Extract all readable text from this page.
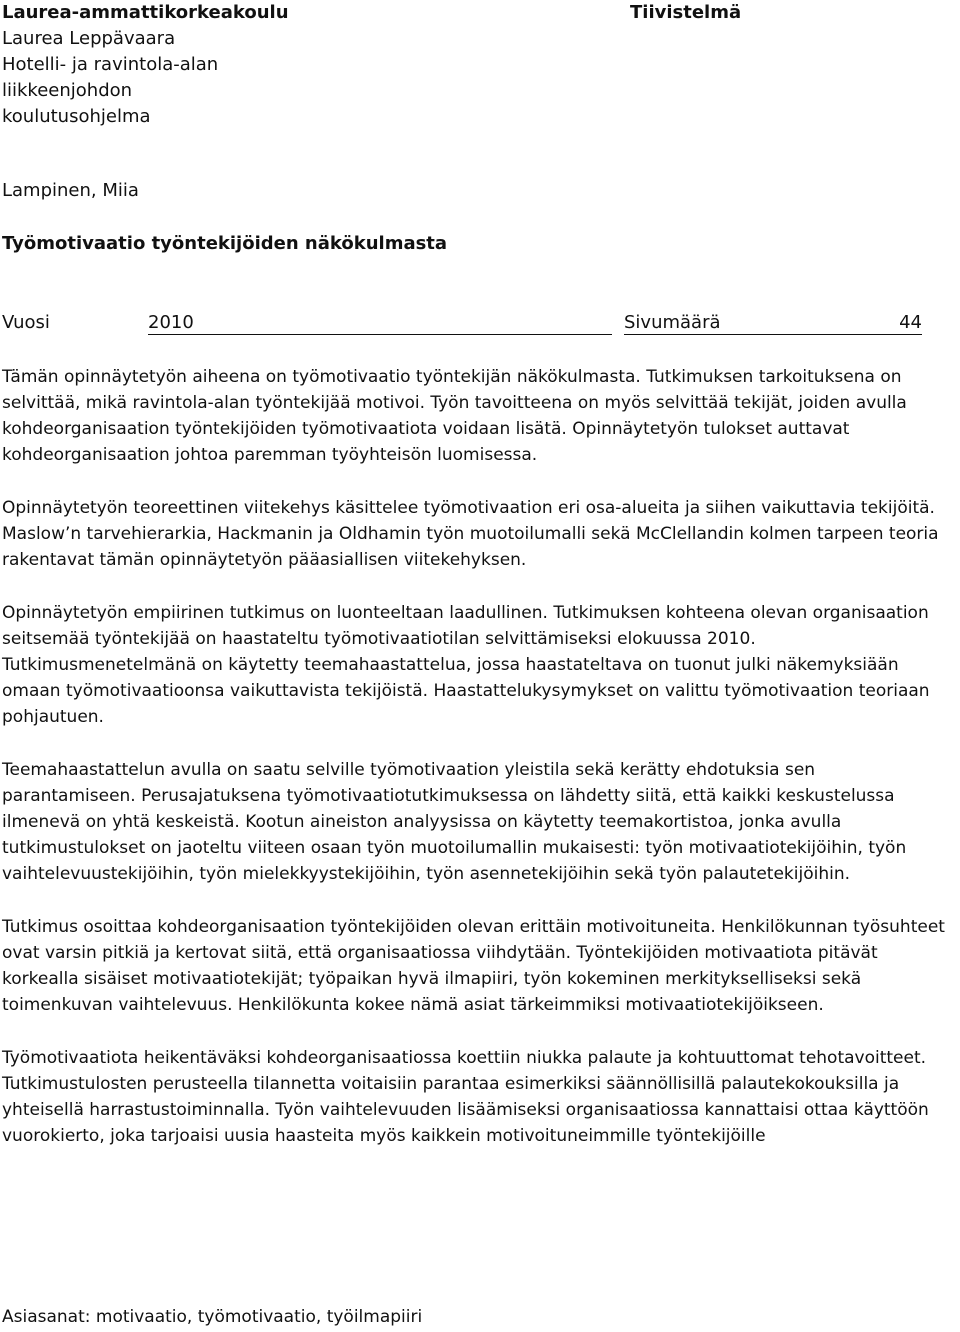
Laurea-ammattikorkeakoulu
Laurea Leppävaara
Hotelli- ja ravintola-alan
liikkeenjohdon
koulutusohjelma
Tiivistelmä
Lampinen, Miia
Työmotivaatio työntekijöiden näkökulmasta
Vuosi	2010	Sivumäärä	44

Tämän opinnäytetyön aiheena on työmotivaatio työntekijän näkökulmasta. Tutkimuksen tarkoituksena on selvittää, mikä ravintola-alan työntekijää motivoi. Työn tavoitteena on myös selvittää tekijät, joiden avulla kohdeorganisaation työntekijöiden työmotivaatiota voidaan lisätä. Opinnäytetyön tulokset auttavat kohdeorganisaation johtoa paremman työyhteisön luomisessa.

Opinnäytetyön teoreettinen viitekehys käsittelee työmotivaation eri osa-alueita ja siihen vaikuttavia tekijöitä. Maslow’n tarvehierarkia, Hackmanin ja Oldhamin työn muotoilumalli sekä McClellandin kolmen tarpeen teoria rakentavat tämän opinnäytetyön pääasiallisen viitekehyksen.

Opinnäytetyön empiirinen tutkimus on luonteeltaan laadullinen. Tutkimuksen kohteena olevan organisaation seitsemää työntekijää on haastateltu työmotivaatiotilan selvittämiseksi elokuussa 2010. Tutkimusmenetelmänä on käytetty teemahaastattelua, jossa haastateltava on tuonut julki näkemyksiään omaan työmotivaatioonsa vaikuttavista tekijöistä. Haastattelukysymykset on valittu työmotivaation teoriaan pohjautuen.

Teemahaastattelun avulla on saatu selville työmotivaation yleistila sekä kerätty ehdotuksia sen parantamiseen. Perusajatuksena työmotivaatiotutkimuksessa on lähdetty siitä, että kaikki keskustelussa ilmenevä on yhtä keskeistä. Kootun aineiston analyysissa on käytetty teemakortistoa, jonka avulla tutkimustulokset on jaoteltu viiteen osaan työn muotoilumallin mukaisesti: työn motivaatiotekijöihin, työn vaihtelevuustekijöihin, työn mielekkyystekijöihin, työn asennetekijöihin sekä työn palautetekijöihin.

Tutkimus osoittaa kohdeorganisaation työntekijöiden olevan erittäin motivoituneita. Henkilökunnan työsuhteet ovat varsin pitkiä ja kertovat siitä, että organisaatiossa viihdytään. Työntekijöiden motivaatiota pitävät korkealla sisäiset motivaatiotekijät; työpaikan hyvä ilmapiiri, työn kokeminen merkitykselliseksi sekä toimenkuvan vaihtelevuus. Henkilökunta kokee nämä asiat tärkeimmiksi motivaatiotekijöikseen.

Työmotivaatiota heikentäväksi kohdeorganisaatiossa koettiin niukka palaute ja kohtuuttomat tehotavoitteet. Tutkimustulosten perusteella tilannetta voitaisiin parantaa esimerkiksi säännöllisillä palautekokouksilla ja yhteisellä harrastustoiminnalla. Työn vaihtelevuuden lisäämiseksi organisaatiossa kannattaisi ottaa käyttöön vuorokierto, joka tarjoaisi uusia haasteita myös kaikkein motivoituneimmille työntekijöille

Asiasanat: motivaatio, työmotivaatio, työilmapiiri
